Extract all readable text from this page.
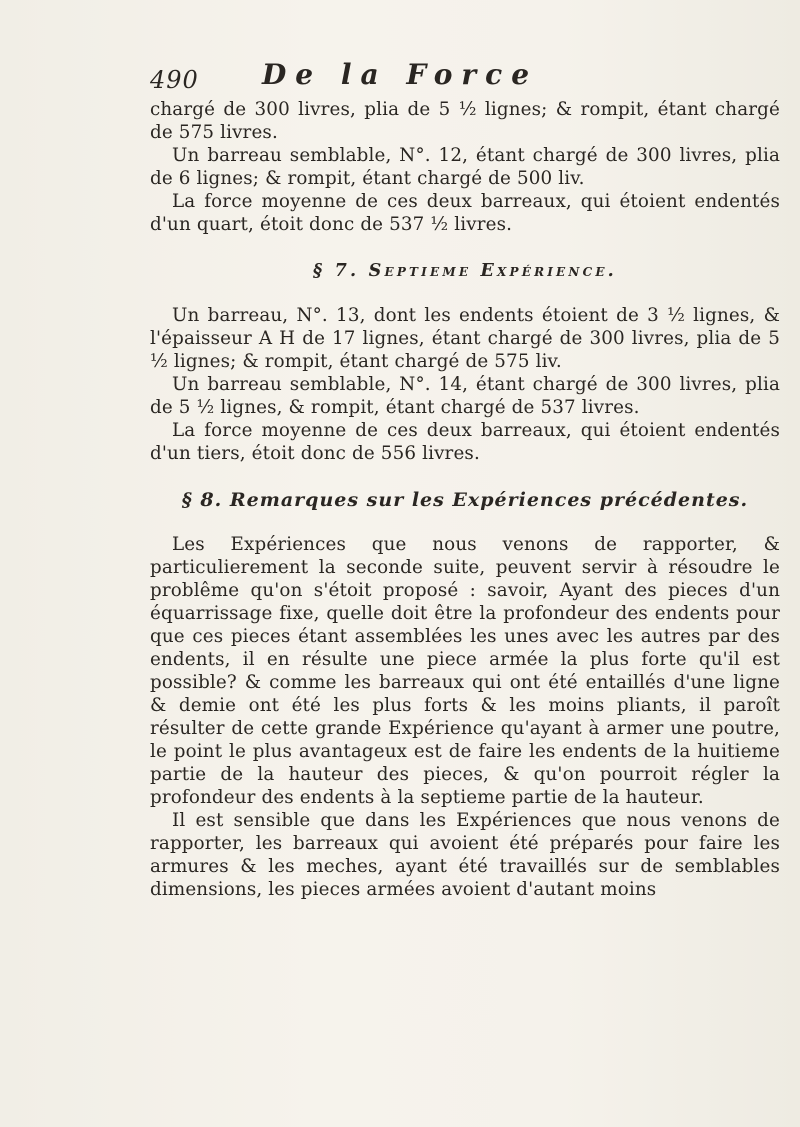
490 De la Force

chargé de 300 livres, plia de 5 ½ lignes; & rompit, étant chargé de 575 livres.

Un barreau semblable, N°. 12, étant chargé de 300 livres, plia de 6 lignes; & rompit, étant chargé de 500 liv.

La force moyenne de ces deux barreaux, qui étoient endentés d'un quart, étoit donc de 537 ½ livres.

§ 7. Septieme Expérience.

Un barreau, N°. 13, dont les endents étoient de 3 ½ lignes, & l'épaisseur A H de 17 lignes, étant chargé de 300 livres, plia de 5 ½ lignes; & rompit, étant chargé de 575 liv.

Un barreau semblable, N°. 14, étant chargé de 300 livres, plia de 5 ½ lignes, & rompit, étant chargé de 537 livres.

La force moyenne de ces deux barreaux, qui étoient endentés d'un tiers, étoit donc de 556 livres.

§ 8. Remarques sur les Expériences précédentes.

Les Expériences que nous venons de rapporter, & particulierement la seconde suite, peuvent servir à résoudre le problême qu'on s'étoit proposé : savoir, Ayant des pieces d'un équarrissage fixe, quelle doit être la profondeur des endents pour que ces pieces étant assemblées les unes avec les autres par des endents, il en résulte une piece armée la plus forte qu'il est possible? & comme les barreaux qui ont été entaillés d'une ligne & demie ont été les plus forts & les moins pliants, il paroît résulter de cette grande Expérience qu'ayant à armer une poutre, le point le plus avantageux est de faire les endents de la huitieme partie de la hauteur des pieces, & qu'on pourroit régler la profondeur des endents à la septieme partie de la hauteur.

Il est sensible que dans les Expériences que nous venons de rapporter, les barreaux qui avoient été préparés pour faire les armures & les meches, ayant été travaillés sur de semblables dimensions, les pieces armées avoient d'autant moins
